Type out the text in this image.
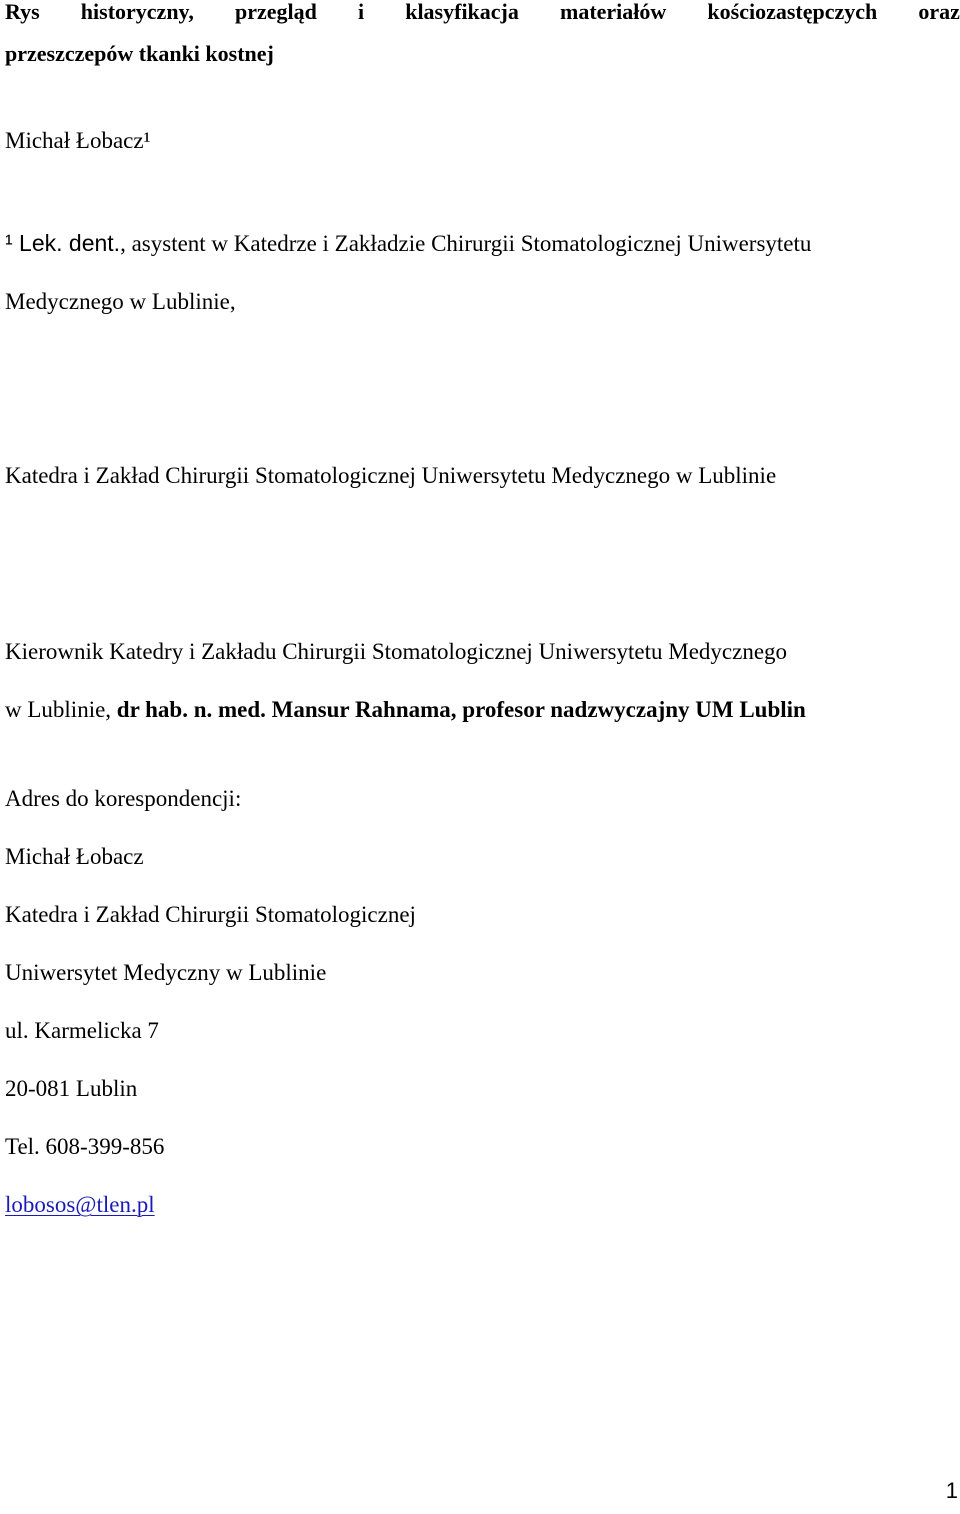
Rys historyczny, przegląd i klasyfikacja materiałów kościozastępczych oraz
przeszczepów tkanki kostnej
Michał Łobacz¹
¹ Lek. dent., asystent w Katedrze i Zakładzie Chirurgii Stomatologicznej Uniwersytetu
Medycznego w Lublinie,
Katedra i Zakład Chirurgii Stomatologicznej Uniwersytetu Medycznego w Lublinie
Kierownik Katedry i Zakładu Chirurgii Stomatologicznej Uniwersytetu Medycznego
w Lublinie, dr hab. n. med. Mansur Rahnama, profesor nadzwyczajny UM Lublin
Adres do korespondencji:
Michał Łobacz
Katedra i Zakład Chirurgii Stomatologicznej
Uniwersytet Medyczny w Lublinie
ul. Karmelicka 7
20-081 Lublin
Tel. 608-399-856
lobosos@tlen.pl
1
